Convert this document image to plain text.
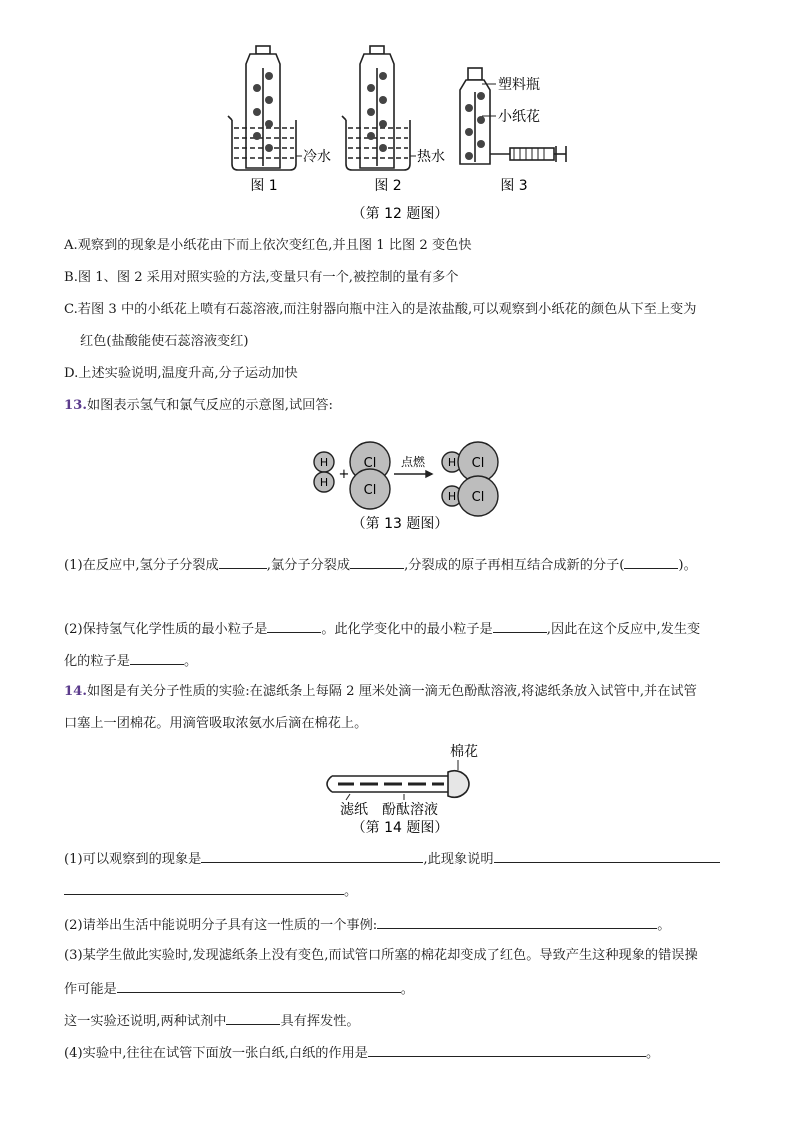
冷水	热水
塑料瓶
小纸花
图 1	图 2	图 3
（第 12 题图）
A.观察到的现象是小纸花由下而上依次变红色,并且图 1 比图 2 变色快
B.图 1、图 2 采用对照实验的方法,变量只有一个,被控制的量有多个
C.若图 3 中的小纸花上喷有石蕊溶液,而注射器向瓶中注入的是浓盐酸,可以观察到小纸花的颜色从下至上变为
红色(盐酸能使石蕊溶液变红)
D.上述实验说明,温度升高,分子运动加快
13.如图表示氢气和氯气反应的示意图,试回答:
H
H
Cl
Cl
+
点燃 H Cl
H Cl
（第 13 题图）
(1)在反应中,氢分子分裂成	,氯分子分裂成	,分裂成的原子再相互结合成新的分子(	)。
(2)保持氢气化学性质的最小粒子是	。此化学变化中的最小粒子是	,因此在这个反应中,发生变
化的粒子是	。
14.如图是有关分子性质的实验:在滤纸条上每隔 2 厘米处滴一滴无色酚酞溶液,将滤纸条放入试管中,并在试管
口塞上一团棉花。用滴管吸取浓氨水后滴在棉花上。
棉花
滤纸 酚酞溶液
（第 14 题图）
(1)可以观察到的现象是	,此现象说明
。
(2)请举出生活中能说明分子具有这一性质的一个事例:	。
(3)某学生做此实验时,发现滤纸条上没有变色,而试管口所塞的棉花却变成了红色。导致产生这种现象的错误操
作可能是	。
这一实验还说明,两种试剂中	具有挥发性。
(4)实验中,往往在试管下面放一张白纸,白纸的作用是	。
